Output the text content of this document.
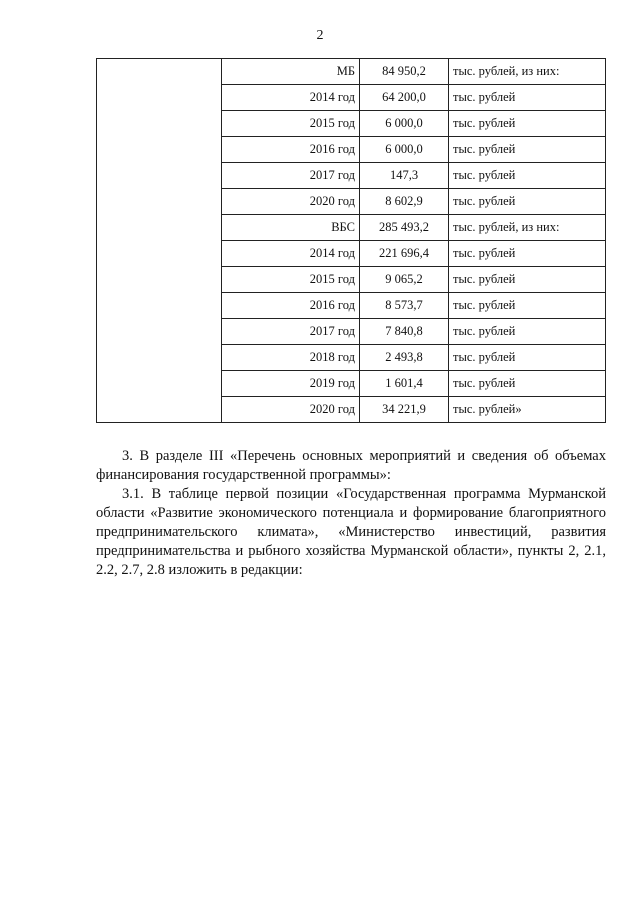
2
	МБ	84 950,2	тыс. рублей, из них:
	2014 год	64 200,0	тыс. рублей
	2015 год	6 000,0	тыс. рублей
	2016 год	6 000,0	тыс. рублей
	2017 год	147,3	тыс. рублей
	2020 год	8 602,9	тыс. рублей
	ВБС	285 493,2	тыс. рублей, из них:
	2014 год	221 696,4	тыс. рублей
	2015 год	9 065,2	тыс. рублей
	2016 год	8 573,7	тыс. рублей
	2017 год	7 840,8	тыс. рублей
	2018 год	2 493,8	тыс. рублей
	2019 год	1 601,4	тыс. рублей
	2020 год	34 221,9	тыс. рублей»

3. В разделе III «Перечень основных мероприятий и сведения об объемах финансирования государственной программы»:

3.1. В таблице первой позиции «Государственная программа Мурманской области «Развитие экономического потенциала и формирование благоприятного предпринимательского климата», «Министерство инвестиций, развития предпринимательства и рыбного хозяйства Мурманской области», пункты 2, 2.1, 2.2, 2.7, 2.8 изложить в редакции:
